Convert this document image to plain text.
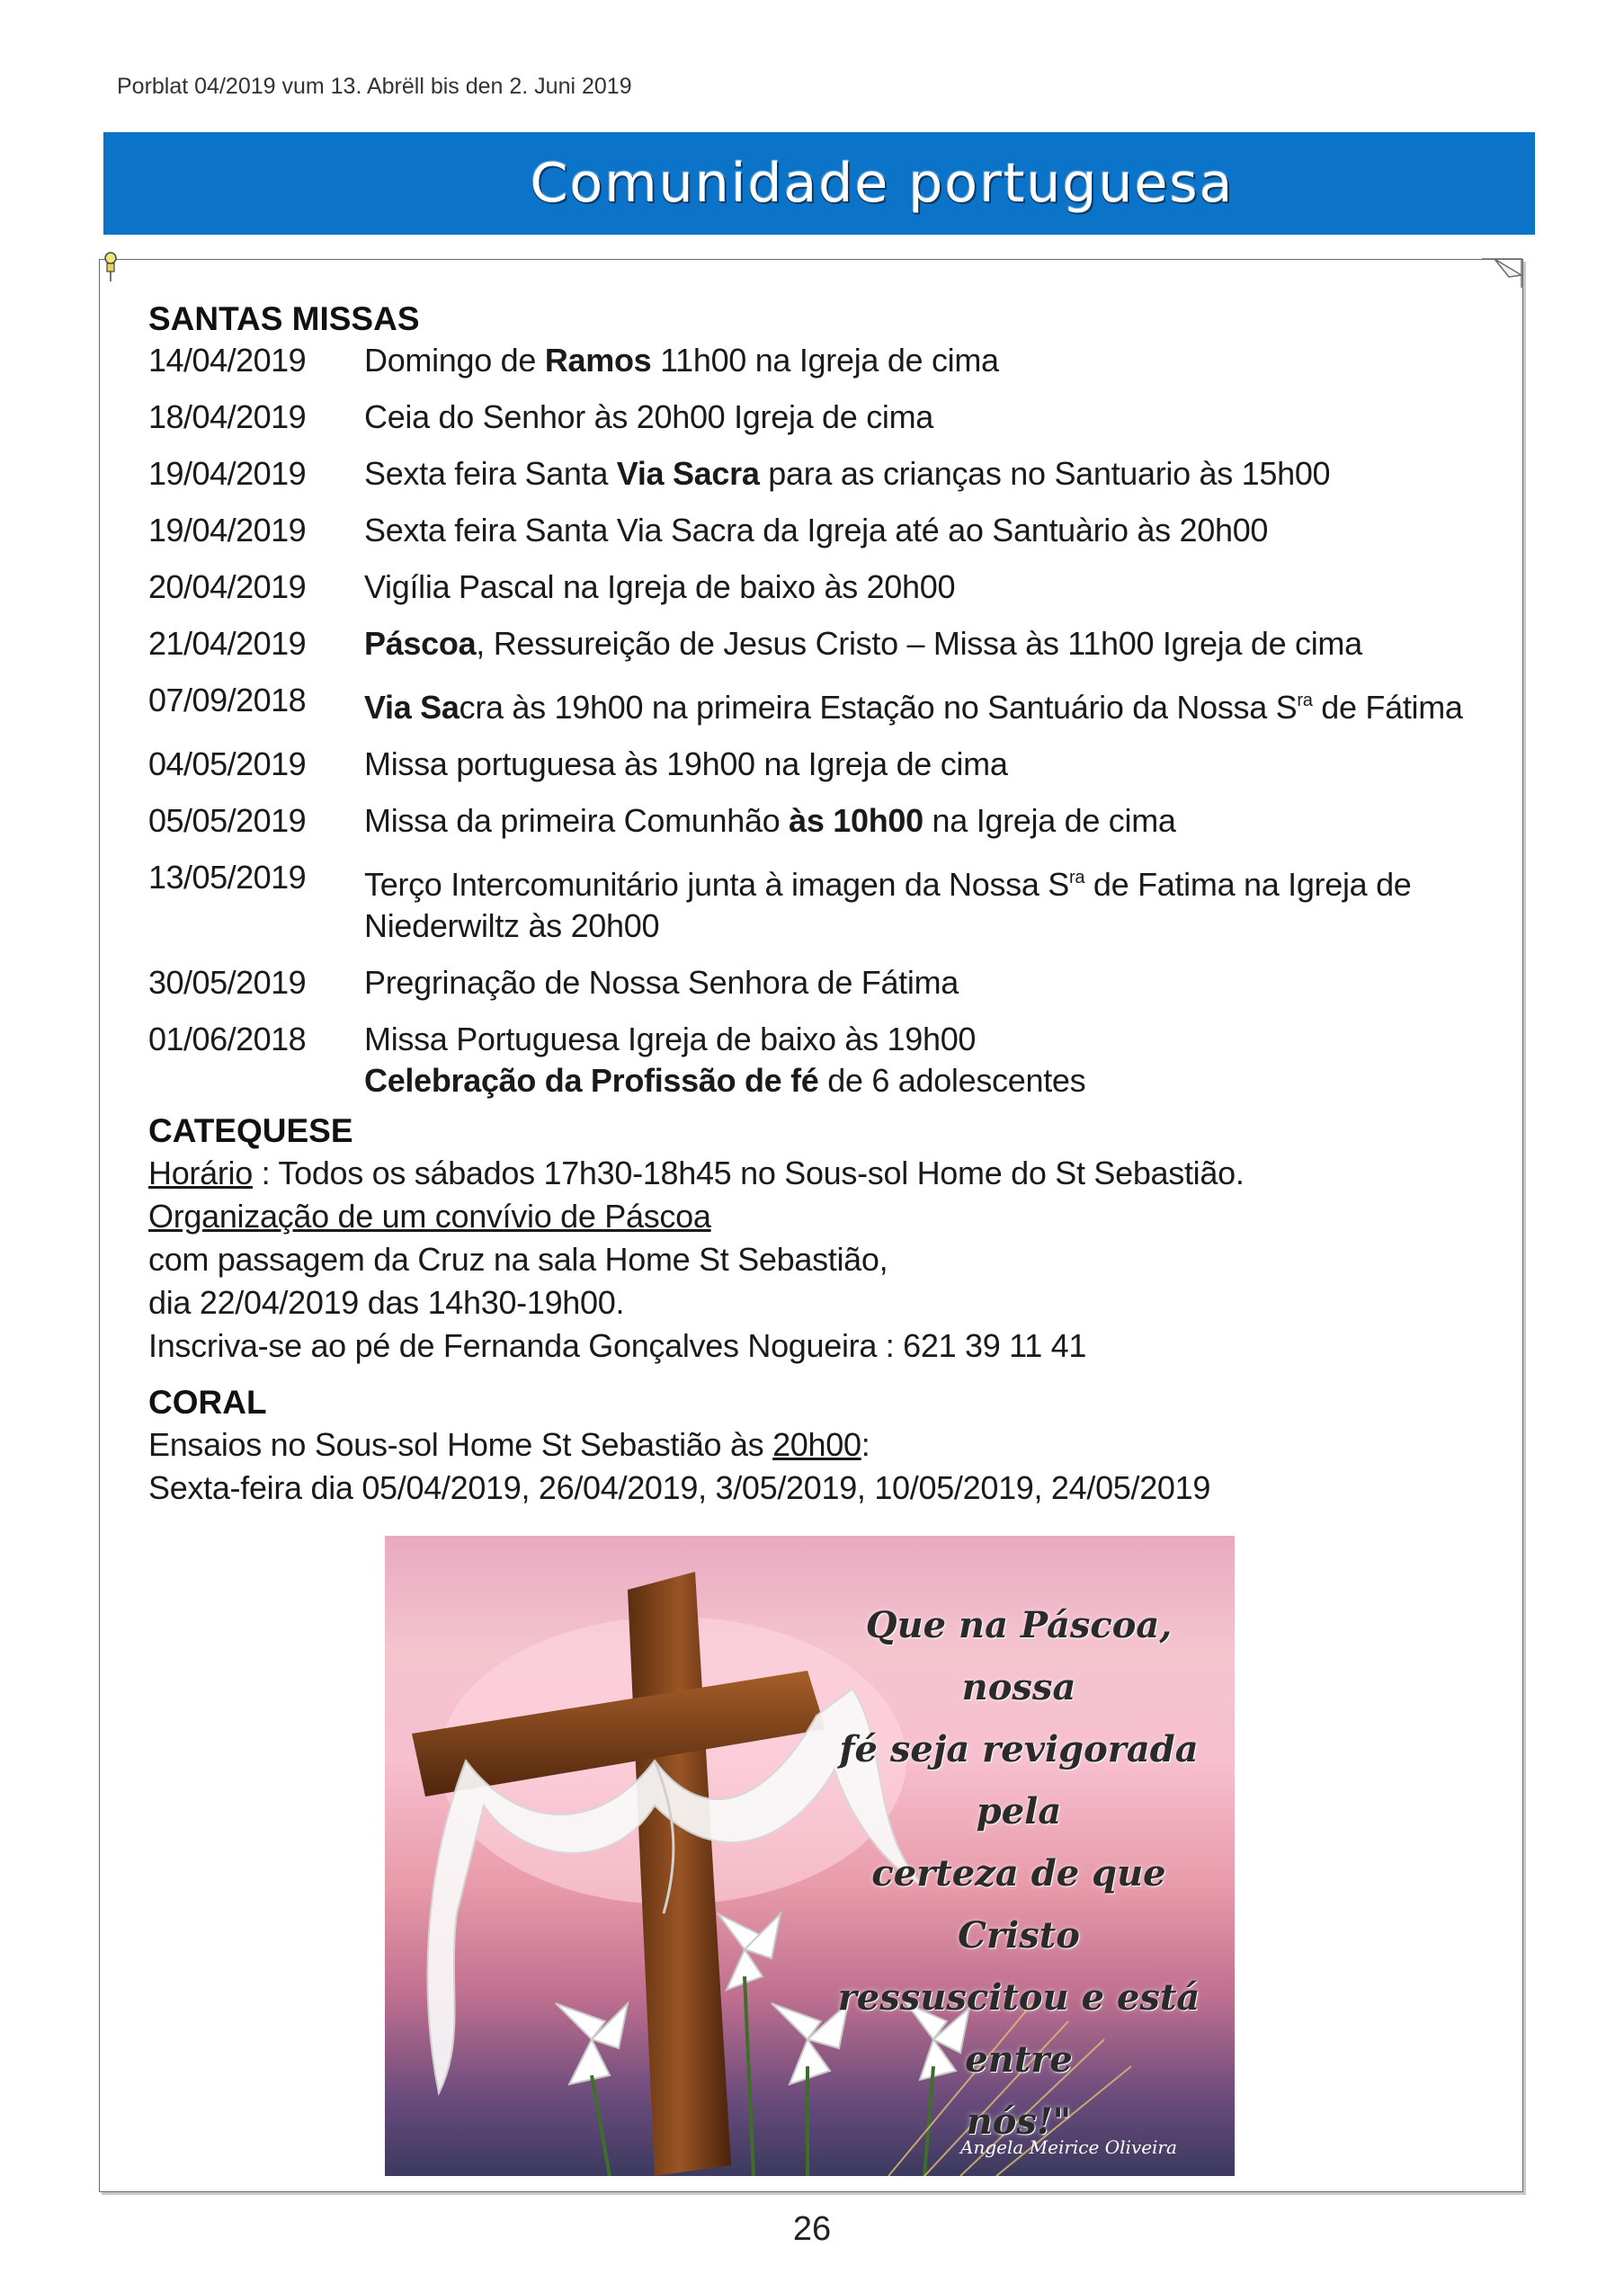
Porblat 04/2019 vum 13. Abrëll bis den 2. Juni 2019
Comunidade portuguesa
SANTAS MISSAS
14/04/2019	Domingo de Ramos 11h00 na Igreja de cima
18/04/2019	Ceia do Senhor às 20h00 Igreja de cima
19/04/2019	Sexta feira Santa Via Sacra para as crianças no Santuario às 15h00
19/04/2019	Sexta feira Santa Via Sacra da Igreja até ao Santuàrio às 20h00
20/04/2019	Vigília Pascal na Igreja de baixo às 20h00
21/04/2019	Páscoa, Ressureição de Jesus Cristo – Missa às 11h00 Igreja de cima
07/09/2018	Via Sacra às 19h00 na primeira Estação no Santuário da Nossa $S^{ra}$ de Fátima
04/05/2019	Missa portuguesa às 19h00 na Igreja de cima
05/05/2019	Missa da primeira Comunhão às 10h00 na Igreja de cima
13/05/2019	Terço Intercomunitário junta à imagen da Nossa $S^{ra}$ de Fatima na Igreja de
Niederwiltz às 20h00
30/05/2019	Pregrinação de Nossa Senhora de Fátima
01/06/2018	Missa Portuguesa Igreja de baixo às 19h00
Celebração da Profissão de fé de 6 adolescentes
CATEQUESE
Horário : Todos os sábados 17h30-18h45 no Sous-sol Home do St Sebastião.
Organização de um convívio de Páscoa
com passagem da Cruz na sala Home St Sebastião,
dia 22/04/2019 das 14h30-19h00.
Inscriva-se ao pé de Fernanda Gonçalves Nogueira : 621 39 11 41
CORAL
Ensaios no Sous-sol Home St Sebastião às 20h00:
Sexta-feira dia 05/04/2019, 26/04/2019, 3/05/2019, 10/05/2019, 24/05/2019
Que na Páscoa, nossa
fé seja revigorada pela
certeza de que Cristo
ressuscitou e está entre
nós!"
Angela Meirice Oliveira
26
